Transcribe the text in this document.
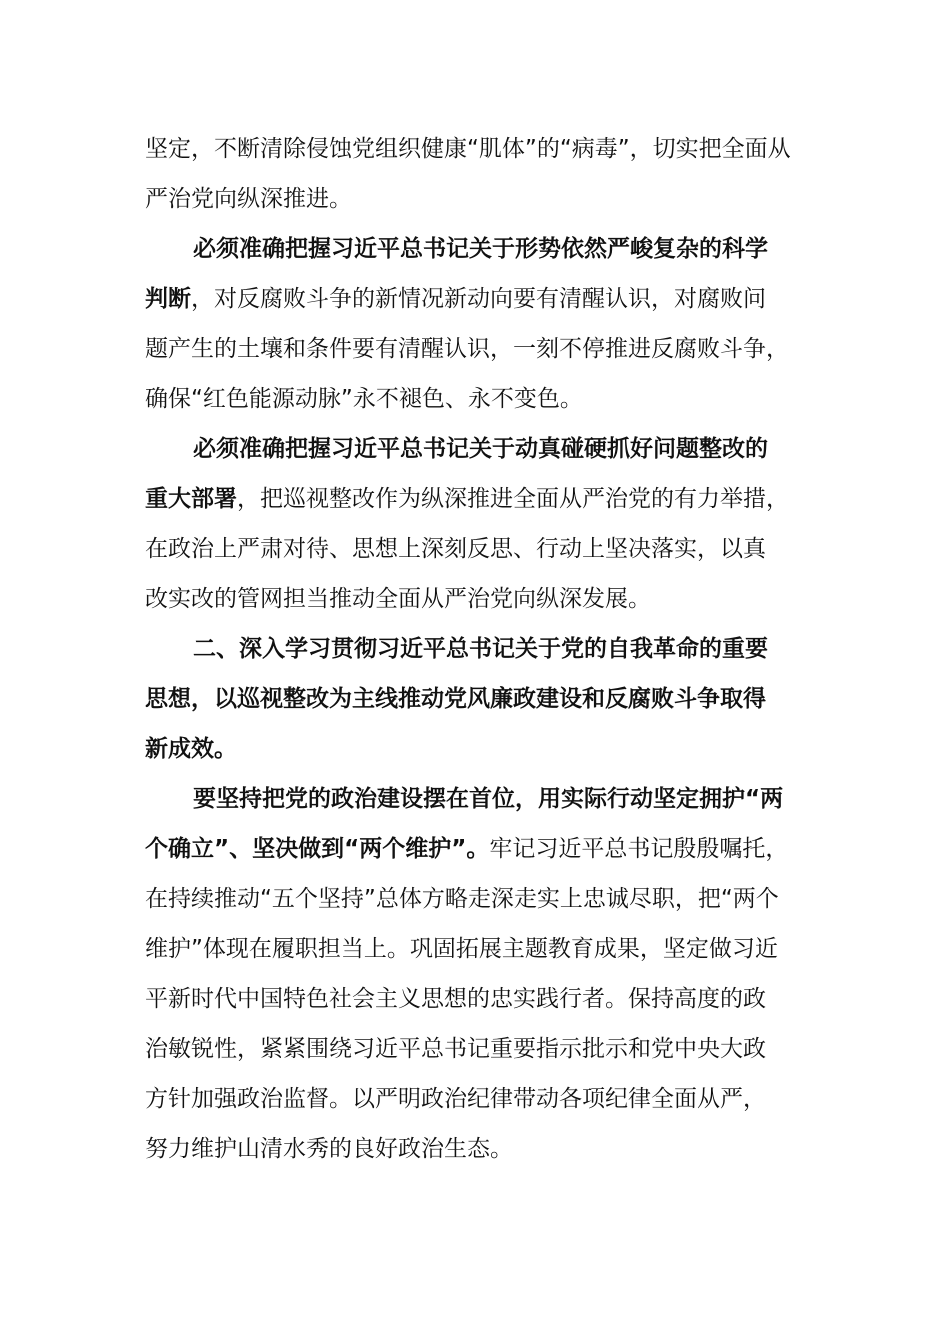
坚定，不断清除侵蚀党组织健康“肌体”的“病毒”，切实把全面从
严治党向纵深推进。
必须准确把握习近平总书记关于形势依然严峻复杂的科学
判断，对反腐败斗争的新情况新动向要有清醒认识，对腐败问
题产生的土壤和条件要有清醒认识，一刻不停推进反腐败斗争，
确保“红色能源动脉”永不褪色、永不变色。
必须准确把握习近平总书记关于动真碰硬抓好问题整改的
重大部署，把巡视整改作为纵深推进全面从严治党的有力举措，
在政治上严肃对待、思想上深刻反思、行动上坚决落实，以真
改实改的管网担当推动全面从严治党向纵深发展。
二、深入学习贯彻习近平总书记关于党的自我革命的重要
思想，以巡视整改为主线推动党风廉政建设和反腐败斗争取得
新成效。
要坚持把党的政治建设摆在首位，用实际行动坚定拥护“两
个确立”、坚决做到“两个维护”。牢记习近平总书记殷殷嘱托，
在持续推动“五个坚持”总体方略走深走实上忠诚尽职，把“两个
维护”体现在履职担当上。巩固拓展主题教育成果，坚定做习近
平新时代中国特色社会主义思想的忠实践行者。保持高度的政
治敏锐性，紧紧围绕习近平总书记重要指示批示和党中央大政
方针加强政治监督。以严明政治纪律带动各项纪律全面从严，
努力维护山清水秀的良好政治生态。
